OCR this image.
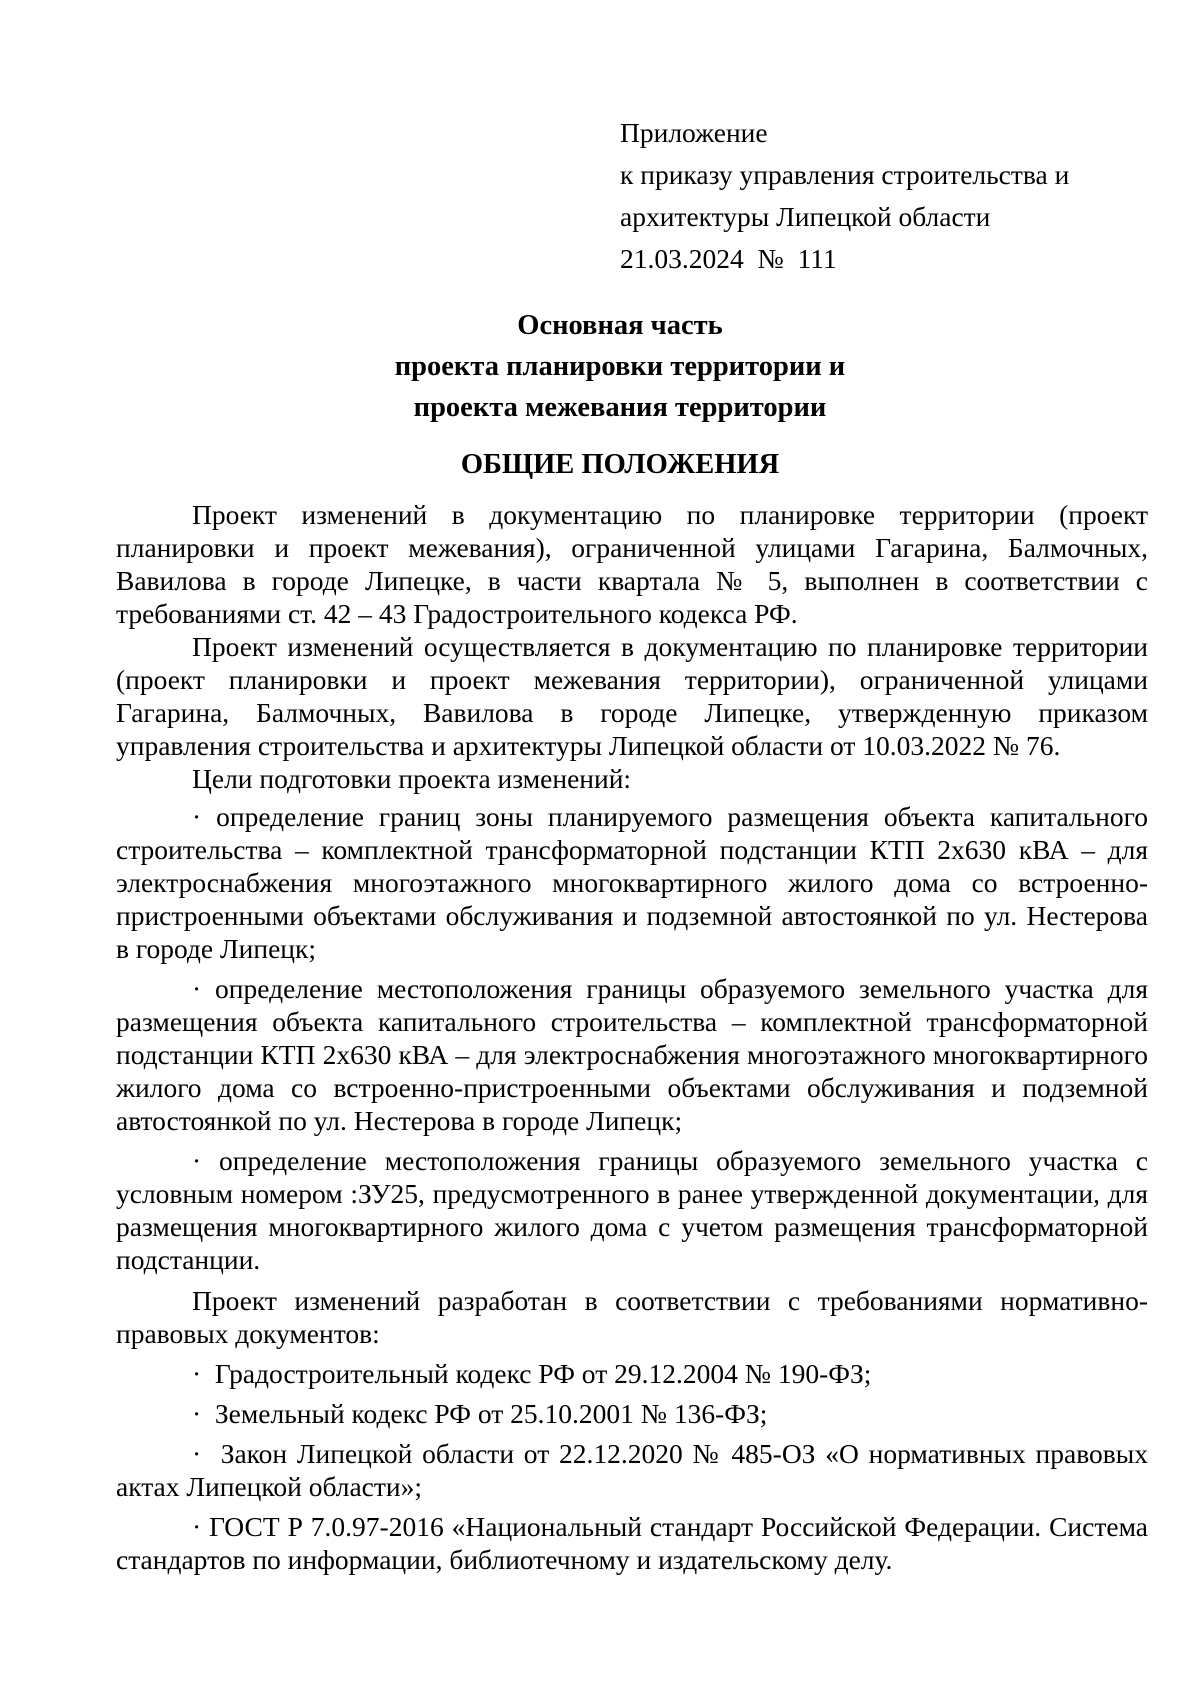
Приложение
к приказу управления строительства и
архитектуры Липецкой области
21.03.2024  №  111
Основная часть
проекта планировки территории и
проекта межевания территории
ОБЩИЕ ПОЛОЖЕНИЯ

Проект изменений в документацию по планировке территории (проект планировки и проект межевания), ограниченной улицами Гагарина, Балмочных, Вавилова в городе Липецке, в части квартала № 5, выполнен в соответствии с требованиями ст. 42 – 43 Градостроительного кодекса РФ.

Проект изменений осуществляется в документацию по планировке территории (проект планировки и проект межевания территории), ограниченной улицами Гагарина, Балмочных, Вавилова в городе Липецке, утвержденную приказом управления строительства и архитектуры Липецкой области от 10.03.2022 № 76.

Цели подготовки проекта изменений:

· определение границ зоны планируемого размещения объекта капитального строительства – комплектной трансформаторной подстанции КТП 2х630 кВА – для электроснабжения многоэтажного многоквартирного жилого дома со встроенно-пристроенными объектами обслуживания и подземной автостоянкой по ул. Нестерова в городе Липецк;

· определение местоположения границы образуемого земельного участка для размещения объекта капитального строительства – комплектной трансформаторной подстанции КТП 2х630 кВА – для электроснабжения многоэтажного многоквартирного жилого дома со встроенно-пристроенными объектами обслуживания и подземной автостоянкой по ул. Нестерова в городе Липецк;

· определение местоположения границы образуемого земельного участка с условным номером :ЗУ25, предусмотренного в ранее утвержденной документации, для размещения многоквартирного жилого дома с учетом размещения трансформаторной подстанции.

Проект изменений разработан в соответствии с требованиями нормативно-правовых документов:

·  Градостроительный кодекс РФ от 29.12.2004 № 190-ФЗ;

·  Земельный кодекс РФ от 25.10.2001 № 136-ФЗ;

·  Закон Липецкой области от 22.12.2020 № 485-ОЗ «О нормативных правовых актах Липецкой области»;

· ГОСТ Р 7.0.97-2016 «Национальный стандарт Российской Федерации. Система стандартов по информации, библиотечному и издательскому делу.
